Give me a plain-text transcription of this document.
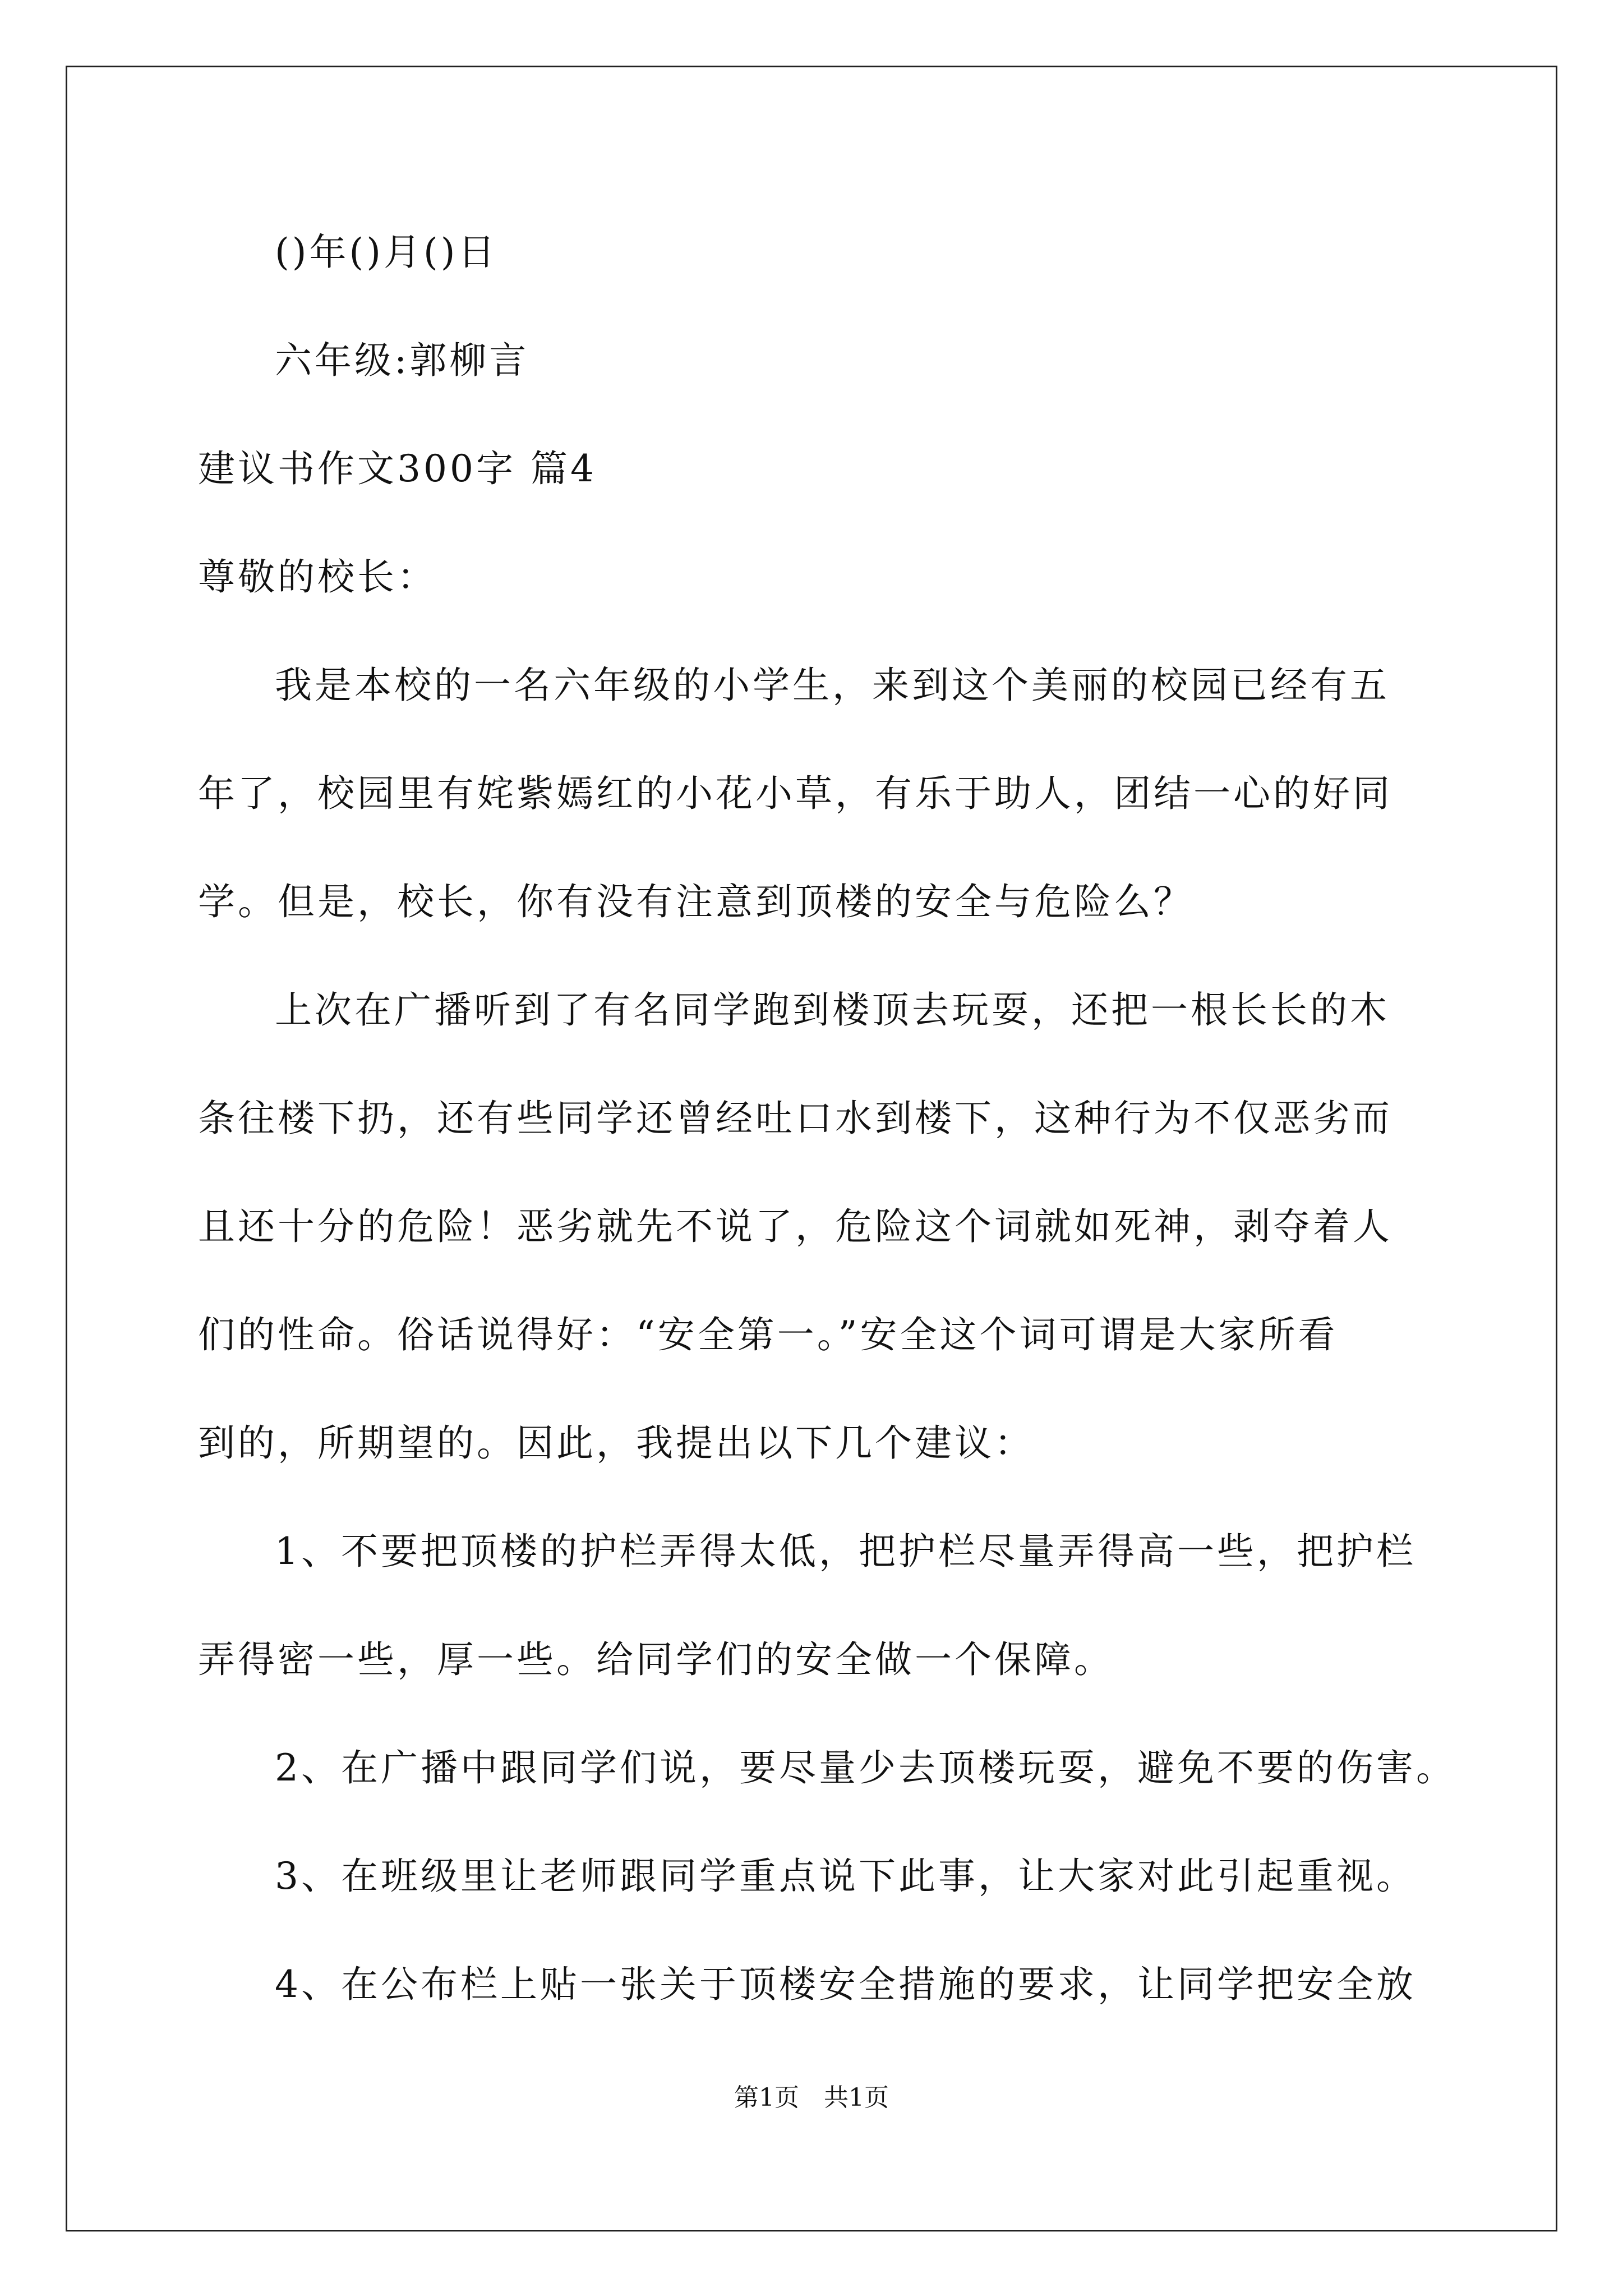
()年()月()日
六年级:郭柳言
建议书作文300字 篇4
尊敬的校长：
我是本校的一名六年级的小学生，来到这个美丽的校园已经有五
年了，校园里有姹紫嫣红的小花小草，有乐于助人，团结一心的好同
学。但是，校长，你有没有注意到顶楼的安全与危险么？
上次在广播听到了有名同学跑到楼顶去玩耍，还把一根长长的木
条往楼下扔，还有些同学还曾经吐口水到楼下，这种行为不仅恶劣而
且还十分的危险！恶劣就先不说了，危险这个词就如死神，剥夺着人
们的性命。俗话说得好：“安全第一。”安全这个词可谓是大家所看
到的，所期望的。因此，我提出以下几个建议：
1、不要把顶楼的护栏弄得太低，把护栏尽量弄得高一些，把护栏
弄得密一些，厚一些。给同学们的安全做一个保障。
2、在广播中跟同学们说，要尽量少去顶楼玩耍，避免不要的伤害。
3、在班级里让老师跟同学重点说下此事，让大家对此引起重视。
4、在公布栏上贴一张关于顶楼安全措施的要求，让同学把安全放
第1页　共1页
